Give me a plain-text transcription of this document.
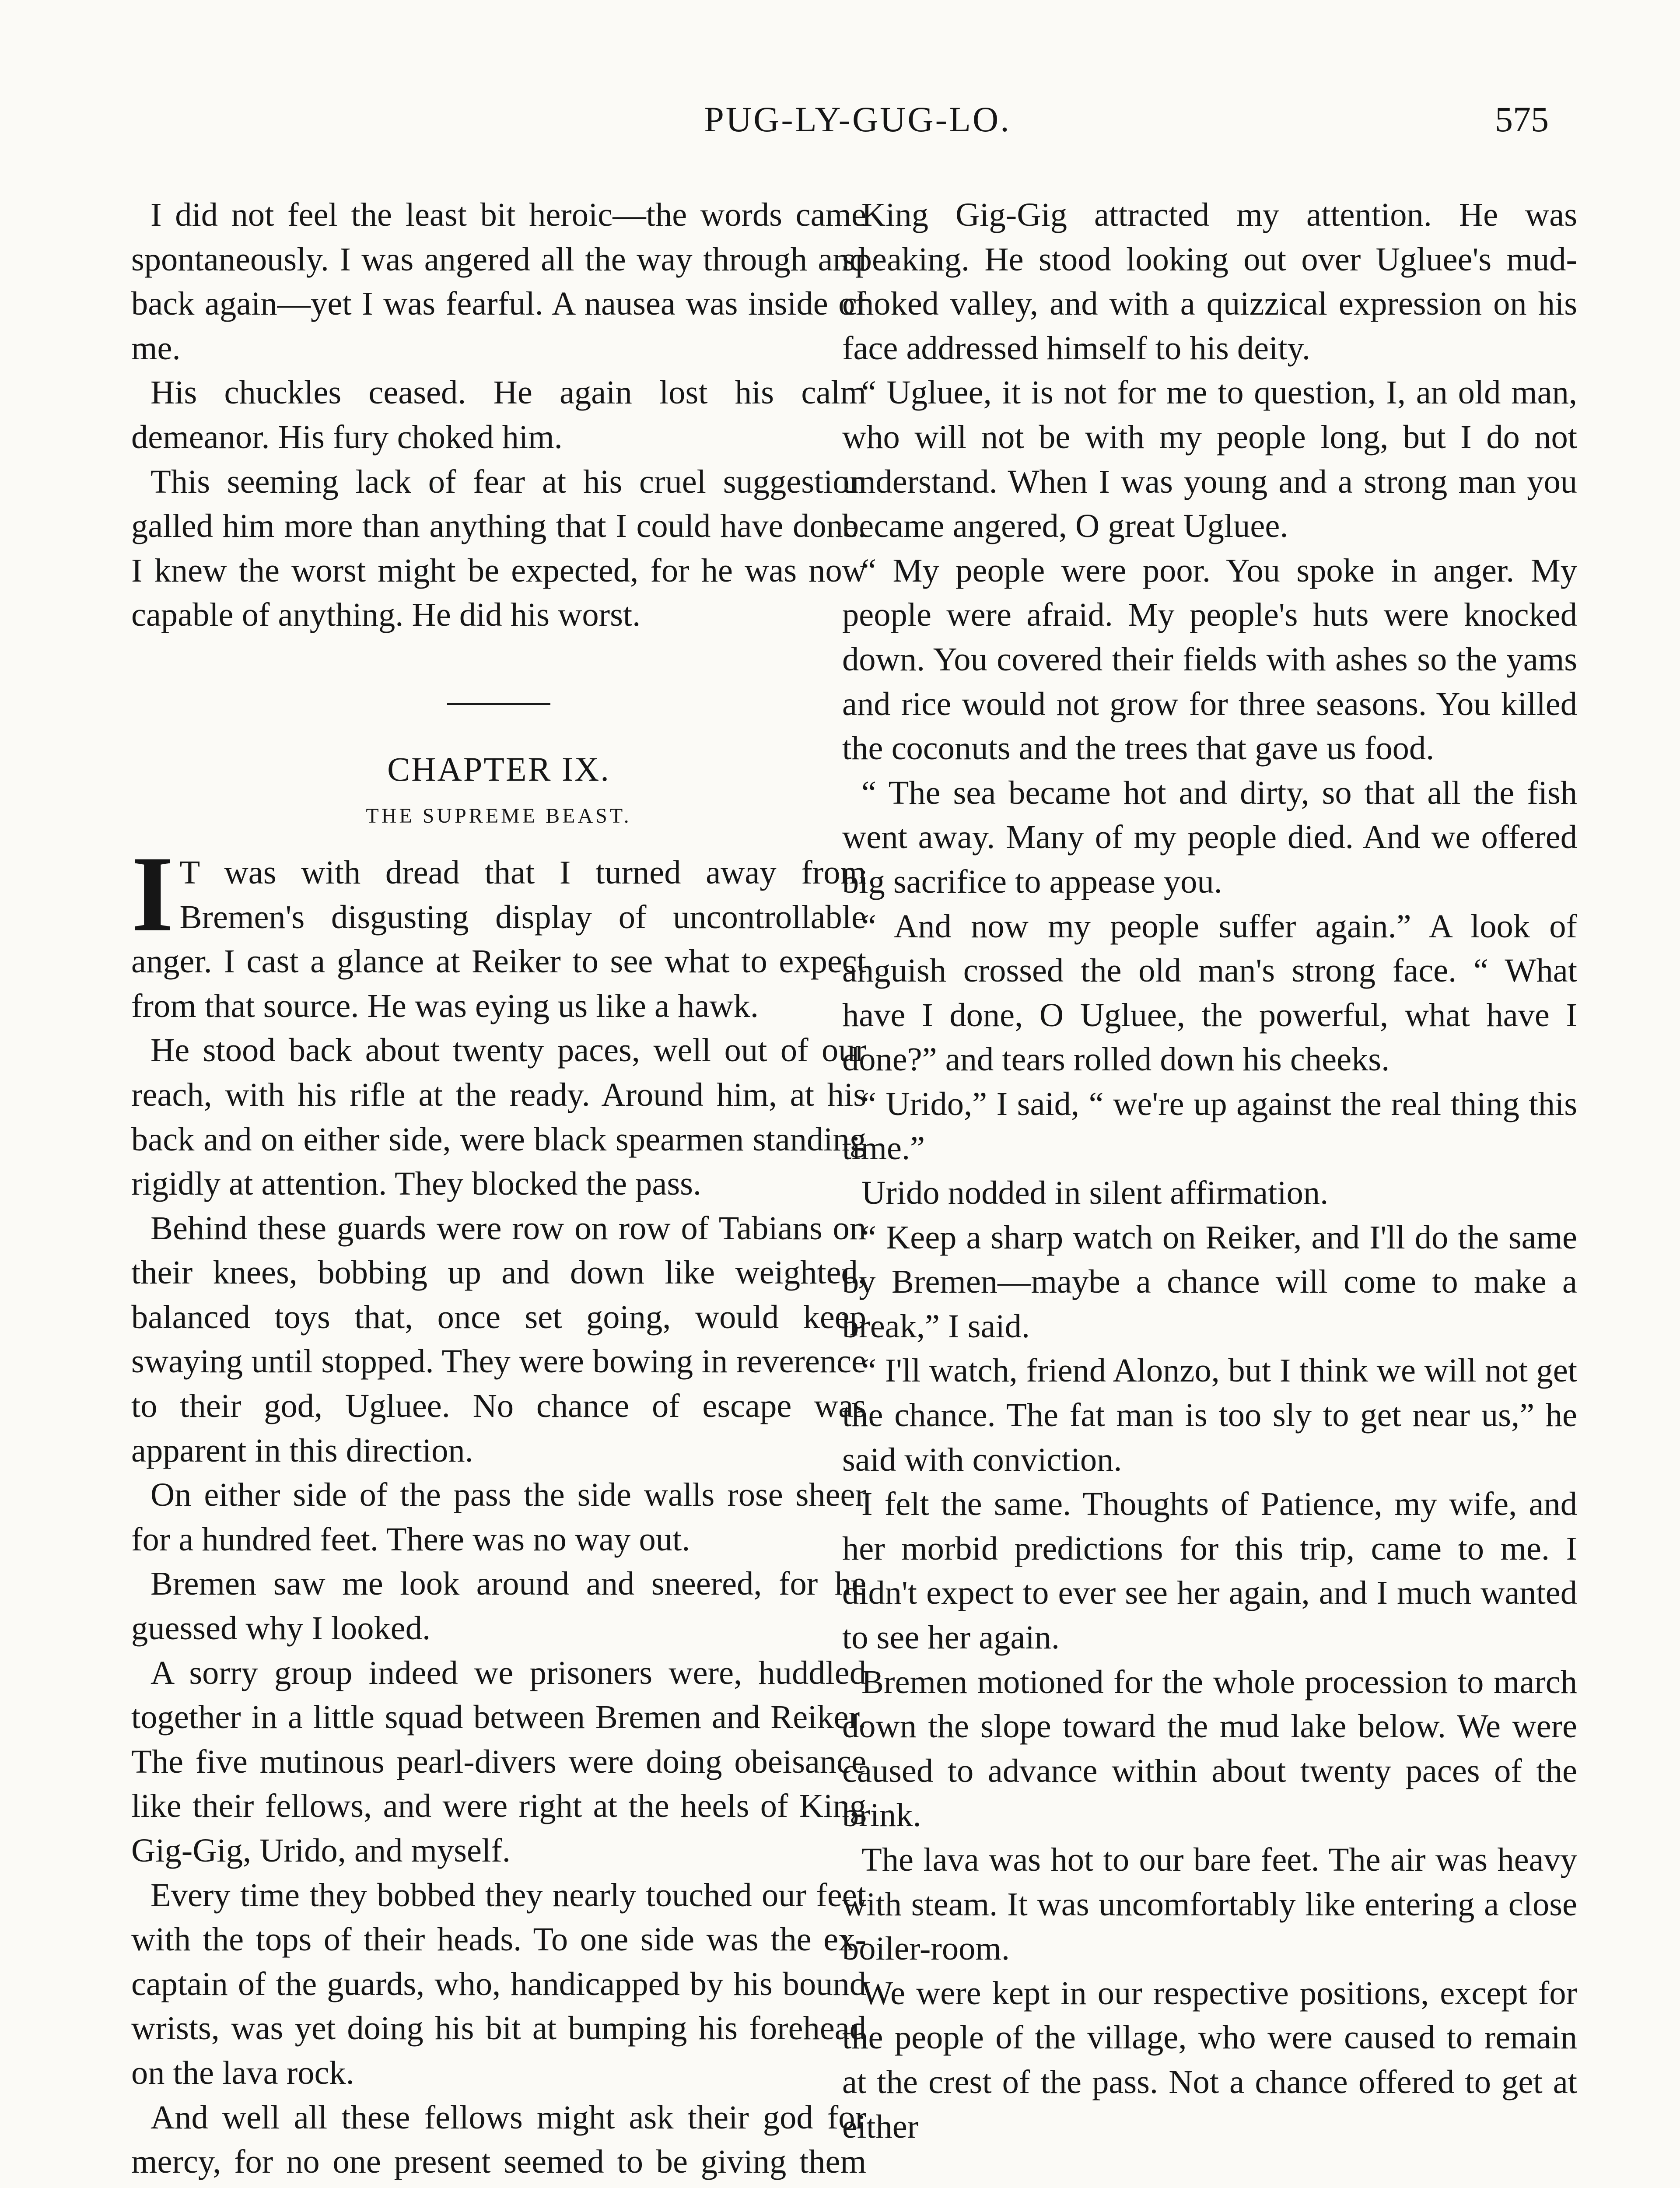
PUG-LY-GUG-LO.	575

I did not feel the least bit heroic—the words came spontaneously. I was angered all the way through and back again—yet I was fearful. A nausea was inside of me.

His chuckles ceased. He again lost his calm demeanor. His fury choked him.

This seeming lack of fear at his cruel suggestion galled him more than anything that I could have done. I knew the worst might be expected, for he was now capable of anything. He did his worst.

CHAPTER IX.
THE SUPREME BEAST.

I T was with dread that I turned away from Bremen's disgusting display of uncontrollable anger. I cast a glance at Reiker to see what to expect from that source. He was eying us like a hawk.

He stood back about twenty paces, well out of our reach, with his rifle at the ready. Around him, at his back and on either side, were black spearmen standing rigidly at attention. They blocked the pass.

Behind these guards were row on row of Tabians on their knees, bobbing up and down like weighted, balanced toys that, once set going, would keep swaying until stopped. They were bowing in reverence to their god, Ugluee. No chance of escape was apparent in this direction.

On either side of the pass the side walls rose sheer for a hundred feet. There was no way out.

Bremen saw me look around and sneered, for he guessed why I looked.

A sorry group indeed we prisoners were, huddled together in a little squad between Bremen and Reiker. The five mutinous pearl-divers were doing obeisance like their fellows, and were right at the heels of King Gig-Gig, Urido, and myself.

Every time they bobbed they nearly touched our feet with the tops of their heads. To one side was the ex-captain of the guards, who, handicapped by his bound wrists, was yet doing his bit at bumping his forehead on the lava rock.

And well all these fellows might ask their god for mercy, for no one present seemed to be giving them

King Gig-Gig attracted my attention. He was speaking. He stood looking out over Ugluee's mud-choked valley, and with a quizzical expression on his face addressed himself to his deity.

“ Ugluee, it is not for me to question, I, an old man, who will not be with my people long, but I do not understand. When I was young and a strong man you became angered, O great Ugluee.

“ My people were poor. You spoke in anger. My people were afraid. My people's huts were knocked down. You covered their fields with ashes so the yams and rice would not grow for three seasons. You killed the coconuts and the trees that gave us food.

“ The sea became hot and dirty, so that all the fish went away. Many of my people died. And we offered big sacrifice to appease you.

“ And now my people suffer again.” A look of anguish crossed the old man's strong face. “ What have I done, O Ugluee, the powerful, what have I done?” and tears rolled down his cheeks.

“ Urido,” I said, “ we're up against the real thing this time.”

Urido nodded in silent affirmation.

“ Keep a sharp watch on Reiker, and I'll do the same by Bremen—maybe a chance will come to make a break,” I said.

“ I'll watch, friend Alonzo, but I think we will not get the chance. The fat man is too sly to get near us,” he said with conviction.

I felt the same. Thoughts of Patience, my wife, and her morbid predictions for this trip, came to me. I didn't expect to ever see her again, and I much wanted to see her again.

Bremen motioned for the whole procession to march down the slope toward the mud lake below. We were caused to advance within about twenty paces of the brink.

The lava was hot to our bare feet. The air was heavy with steam. It was uncomfortably like entering a close boiler-room.

We were kept in our respective positions, except for the people of the village, who were caused to remain at the crest of the pass. Not a chance offered to get at either
